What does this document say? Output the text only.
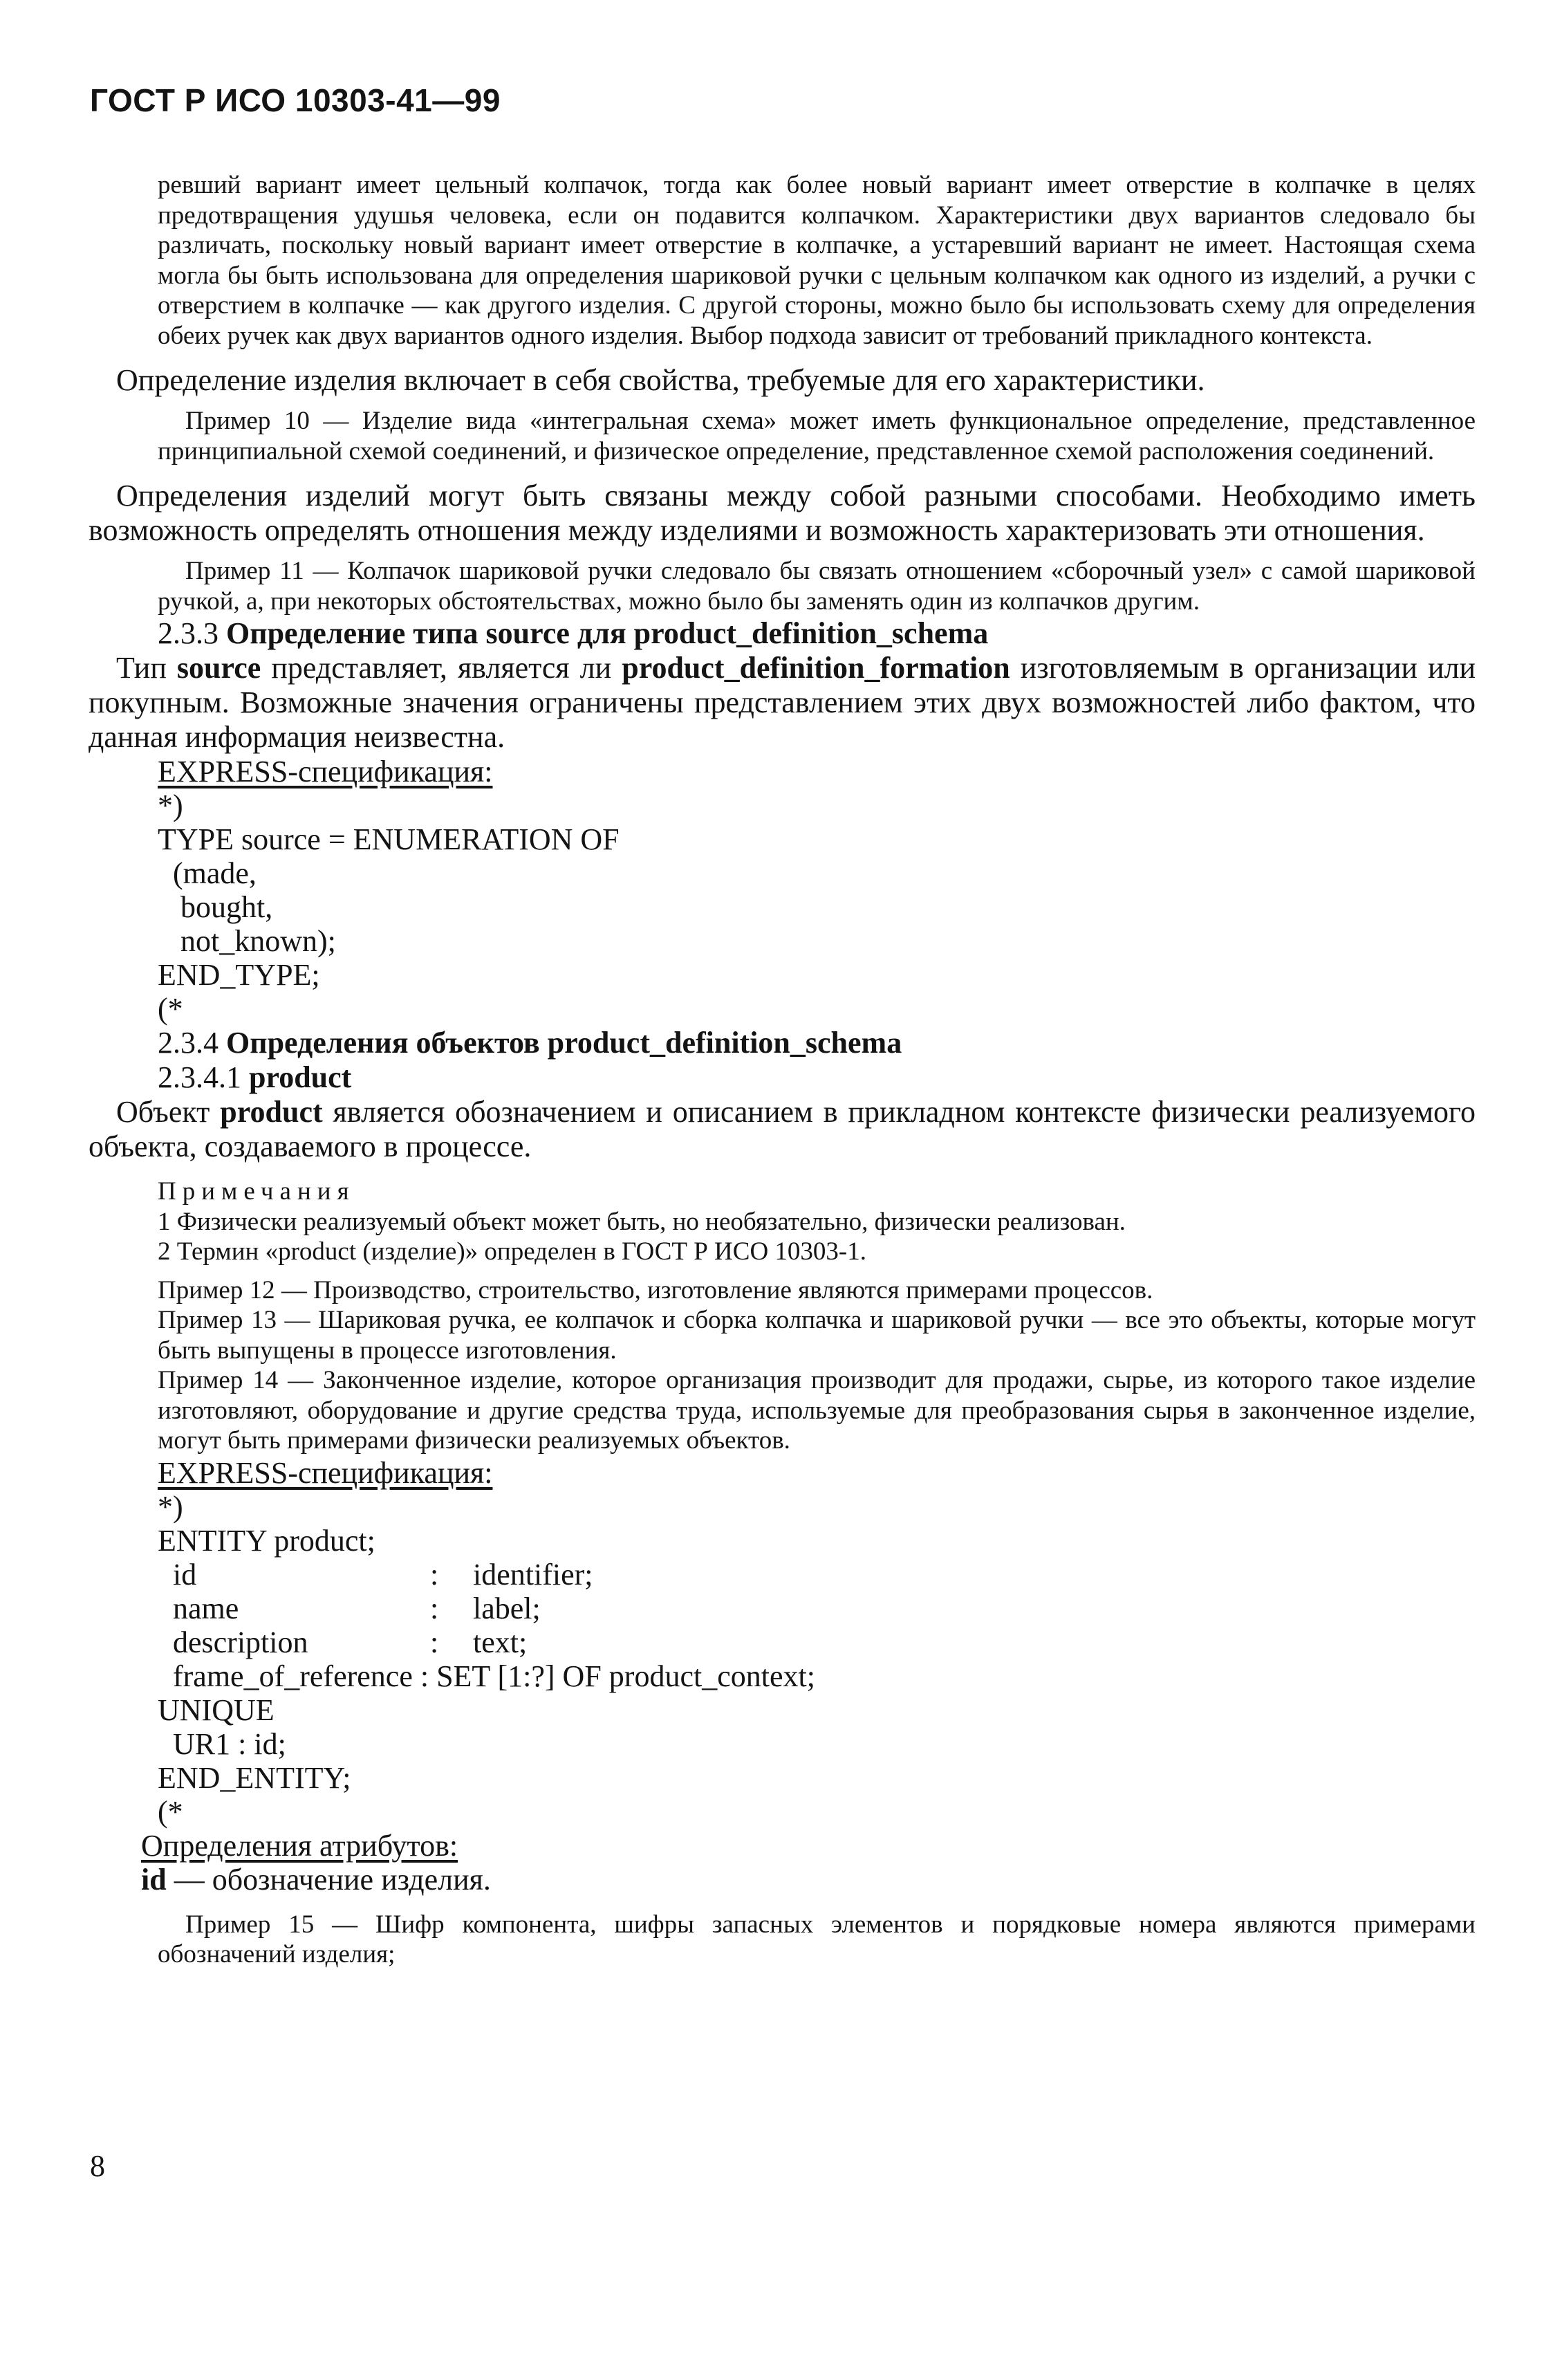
ГОСТ Р ИСО 10303-41—99

ревший вариант имеет цельный колпачок, тогда как более новый вариант имеет отверстие в колпачке в целях предотвращения удушья человека, если он подавится колпачком. Характеристики двух вариантов следовало бы различать, поскольку новый вариант имеет отверстие в колпачке, а устаревший вариант не имеет. Настоящая схема могла бы быть использована для определения шариковой ручки с цельным колпачком как одного из изделий, а ручки с отверстием в колпачке — как другого изделия. С другой стороны, можно было бы использовать схему для определения обеих ручек как двух вариантов одного изделия. Выбор подхода зависит от требований прикладного контекста.

Определение изделия включает в себя свойства, требуемые для его характеристики.

Пример 10 — Изделие вида «интегральная схема» может иметь функциональное определение, представленное принципиальной схемой соединений, и физическое определение, представленное схемой расположения соединений.

Определения изделий могут быть связаны между собой разными способами. Необходимо иметь возможность определять отношения между изделиями и возможность характеризовать эти отношения.

Пример 11 — Колпачок шариковой ручки следовало бы связать отношением «сборочный узел» с самой шариковой ручкой, а, при некоторых обстоятельствах, можно было бы заменять один из колпачков другим.

2.3.3 Определение типа source для product_definition_schema

Тип source представляет, является ли product_definition_formation изготовляемым в организации или покупным. Возможные значения ограничены представлением этих двух возможностей либо фактом, что данная информация неизвестна.

EXPRESS-спецификация:

*)

TYPE source = ENUMERATION OF

(made,

bought,

not_known);

END_TYPE;

(*

2.3.4 Определения объектов product_definition_schema

2.3.4.1 product

Объект product является обозначением и описанием в прикладном контексте физически реализуемого объекта, создаваемого в процессе.

Примечания

1 Физически реализуемый объект может быть, но необязательно, физически реализован.

2 Термин «product (изделие)» определен в ГОСТ Р ИСО 10303-1.

Пример 12 — Производство, строительство, изготовление являются примерами процессов.

Пример 13 — Шариковая ручка, ее колпачок и сборка колпачка и шариковой ручки — все это объекты, которые могут быть выпущены в процессе изготовления.

Пример 14 — Законченное изделие, которое организация производит для продажи, сырье, из которого такое изделие изготовляют, оборудование и другие средства труда, используемые для преобразования сырья в законченное изделие, могут быть примерами физически реализуемых объектов.

EXPRESS-спецификация:

*)

ENTITY product;

id	:	identifier;

name	:	label;

description	:	text;
frame_of_reference : SET [1:?] OF product_context;

UNIQUE

UR1 : id;

END_ENTITY;

(*

Определения атрибутов:

id — обозначение изделия.

Пример 15 — Шифр компонента, шифры запасных элементов и порядковые номера являются примерами обозначений изделия;

8
